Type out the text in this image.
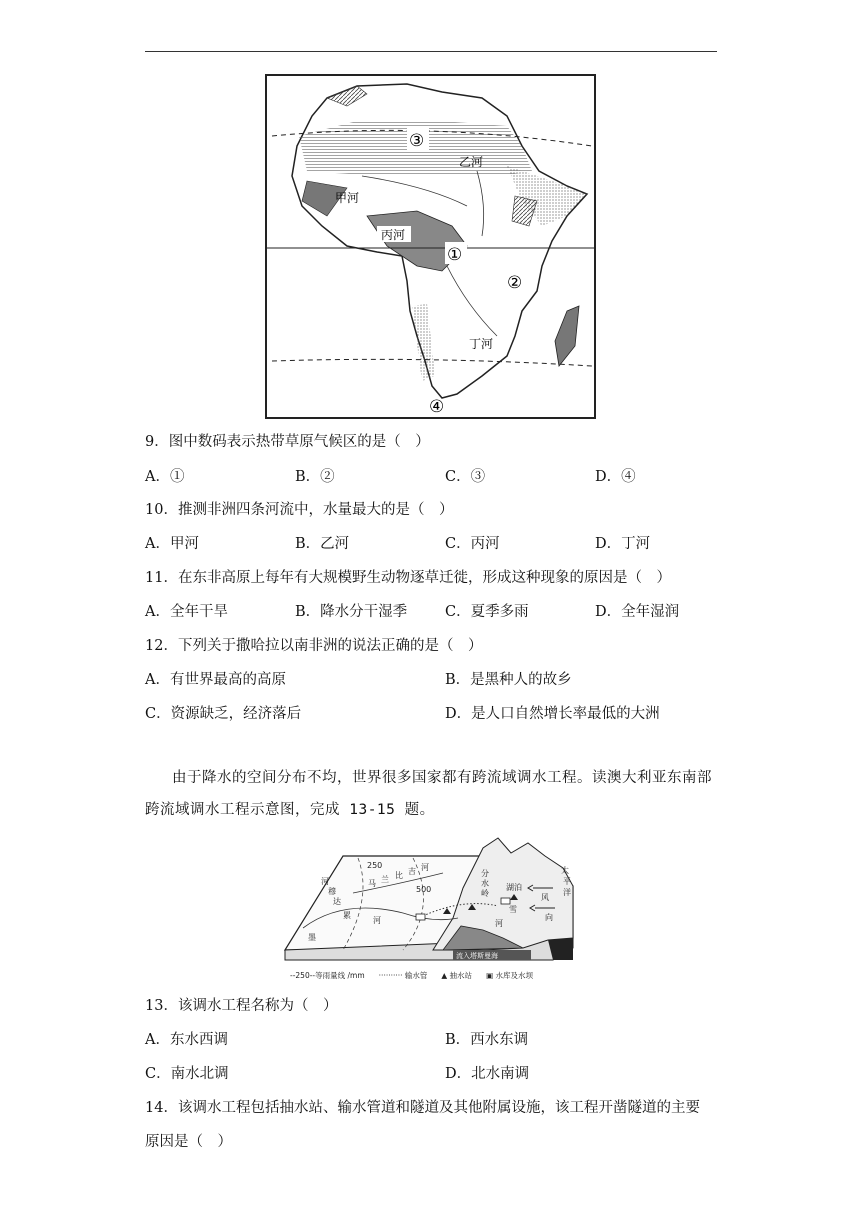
③
乙河
甲河
丙河
①
②
丁河
④
9．图中数码表示热带草原气候区的是（　）
A．①	B．②	C．③	D．④
10．推测非洲四条河流中，水量最大的是（　）
A．甲河	B．乙河	C．丙河	D．丁河
11．在东非高原上每年有大规模野生动物逐草迁徙，形成这种现象的原因是（　）
A．全年干旱	B．降水分干湿季	C．夏季多雨	D．全年湿润
12．下列关于撒哈拉以南非洲的说法正确的是（　）
A．有世界最高的高原	B．是黑种人的故乡
C．资源缺乏，经济落后	D．是人口自然增长率最低的大洲
由于降水的空间分布不均，世界很多国家都有跨流域调水工程。读澳大利亚东南部
跨流域调水工程示意图，完成 13-15 题。
250
500
河
穆
达
马 兰 比 吉 河
累
河
墨
分
水
岭
湖泊
雪
河
太
平
洋
风
向
流入塔斯曼海
--250--等雨量线 /mm ·········· 输水管 ▲ 抽水站 ▣ 水库及水坝
13．该调水工程名称为（　）
A．东水西调	B．西水东调
C．南水北调	D．北水南调
14．该调水工程包括抽水站、输水管道和隧道及其他附属设施，该工程开凿隧道的主要
原因是（　）
